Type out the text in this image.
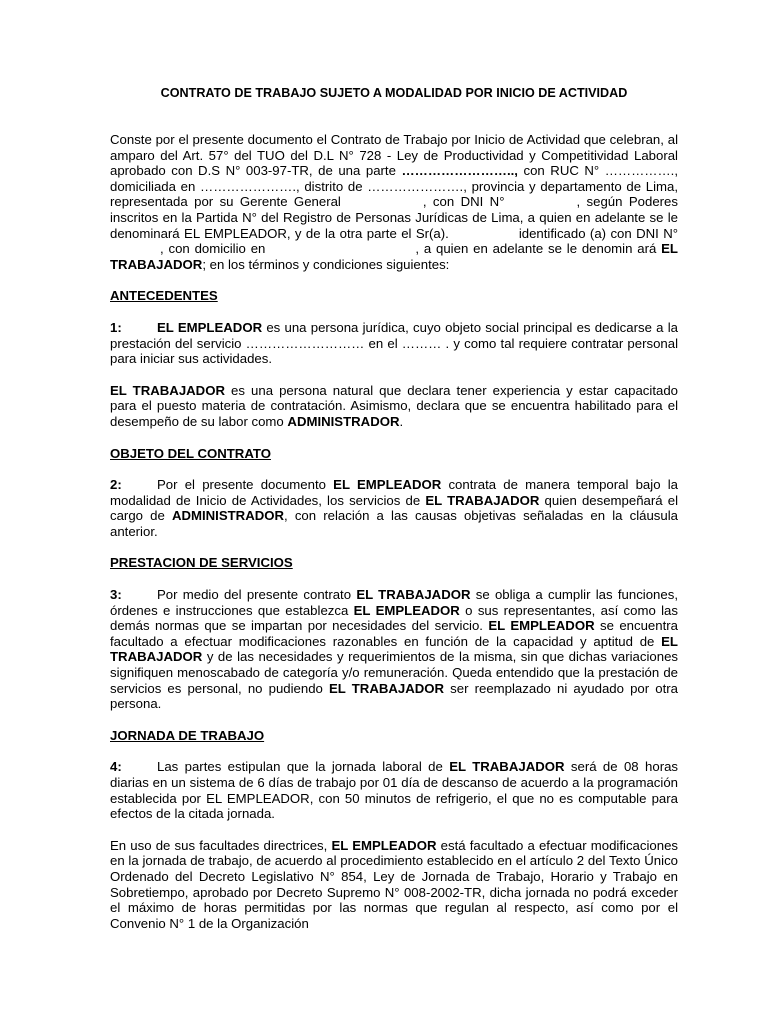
CONTRATO DE TRABAJO SUJETO A MODALIDAD POR INICIO DE ACTIVIDAD

Conste por el presente documento el Contrato de Trabajo por Inicio de Actividad que celebran, al amparo del Art. 57° del TUO del D.L N° 728 - Ley de Productividad y Competitividad Laboral aprobado con D.S N° 003-97-TR, de una parte …………………….., con RUC N° ……………., domiciliada en …………………., distrito de …………………., provincia y departamento de Lima, representada por su Gerente General	, con DNI N°	, según Poderes inscritos en la Partida N° del Registro de Personas Jurídicas de Lima, a quien en adelante se le denominará EL EMPLEADOR, y de la otra parte el Sr(a).	identificado (a) con DNI N°, con domicilio en	, a quien en adelante se le denomin ará EL TRABAJADOR; en los términos y condiciones siguientes:

ANTECEDENTES

1:	EL EMPLEADOR es una persona jurídica, cuyo objeto social principal es dedicarse a la prestación del servicio ……………………… en el ……… . y como tal requiere contratar personal para iniciar sus actividades.

EL TRABAJADOR es una persona natural que declara tener experiencia y estar capacitado para el puesto materia de contratación. Asimismo, declara que se encuentra habilitado para el desempeño de su labor como ADMINISTRADOR.

OBJETO DEL CONTRATO

2:	Por el presente documento EL EMPLEADOR contrata de manera temporal bajo la modalidad de Inicio de Actividades, los servicios de EL TRABAJADOR quien desempeñará el cargo de ADMINISTRADOR, con relación a las causas objetivas señaladas en la cláusula anterior.

PRESTACION DE SERVICIOS

3:	Por medio del presente contrato EL TRABAJADOR se obliga a cumplir las funciones, órdenes e instrucciones que establezca EL EMPLEADOR o sus representantes, así como las demás normas que se impartan por necesidades del servicio. EL EMPLEADOR se encuentra facultado a efectuar modificaciones razonables en función de la capacidad y aptitud de EL TRABAJADOR y de las necesidades y requerimientos de la misma, sin que dichas variaciones signifiquen menoscabado de categoría y/o remuneración. Queda entendido que la prestación de servicios es personal, no pudiendo EL TRABAJADOR ser reemplazado ni ayudado por otra persona.

JORNADA DE TRABAJO

4:	Las partes estipulan que la jornada laboral de EL TRABAJADOR será de 08 horas diarias en un sistema de 6 días de trabajo por 01 día de descanso de acuerdo a la programación establecida por EL EMPLEADOR, con 50 minutos de refrigerio, el que no es computable para efectos de la citada jornada.

En uso de sus facultades directrices, EL EMPLEADOR está facultado a efectuar modificaciones en la jornada de trabajo, de acuerdo al procedimiento establecido en el artículo 2 del Texto Único Ordenado del Decreto Legislativo N° 854, Ley de Jornada de Trabajo, Horario y Trabajo en Sobretiempo, aprobado por Decreto Supremo N° 008-2002-TR, dicha jornada no podrá exceder el máximo de horas permitidas por las normas que regulan al respecto, así como por el Convenio N° 1 de la Organización
